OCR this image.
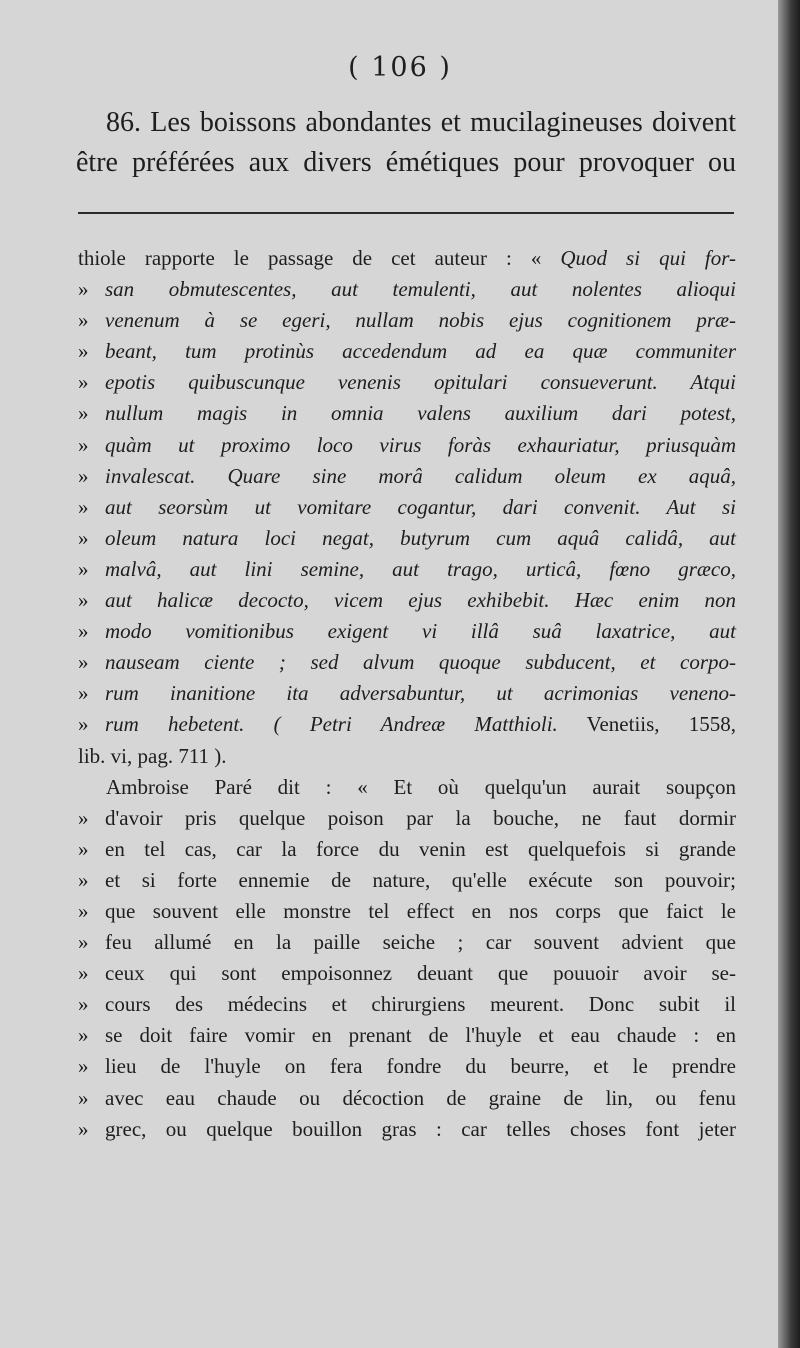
( 106 )
86. Les boissons abondantes et mucilagineuses doivent
être préférées aux divers émétiques pour provoquer ou
thiole rapporte le passage de cet auteur : « Quod si qui for-
» san obmutescentes, aut temulenti, aut nolentes alioqui
» venenum à se egeri, nullam nobis ejus cognitionem præ-
» beant, tum protinùs accedendum ad ea quæ communiter
» epotis quibuscunque venenis opitulari consueverunt. Atqui
» nullum magis in omnia valens auxilium dari potest,
» quàm ut proximo loco virus foràs exhauriatur, priusquàm
» invalescat. Quare sine morâ calidum oleum ex aquâ,
» aut seorsùm ut vomitare cogantur, dari convenit. Aut si
» oleum natura loci negat, butyrum cum aquâ calidâ, aut
» malvâ, aut lini semine, aut trago, urticâ, fœno græco,
» aut halicæ decocto, vicem ejus exhibebit. Hæc enim non
» modo vomitionibus exigent vi illâ suâ laxatrice, aut
» nauseam ciente ; sed alvum quoque subducent, et corpo-
» rum inanitione ita adversabuntur, ut acrimonias veneno-
» rum hebetent. ( Petri Andreæ Matthioli. Venetiis, 1558,
lib. vi, pag. 711 ).
Ambroise Paré dit : « Et où quelqu'un aurait soupçon
» d'avoir pris quelque poison par la bouche, ne faut dormir
» en tel cas, car la force du venin est quelquefois si grande
» et si forte ennemie de nature, qu'elle exécute son pouvoir;
» que souvent elle monstre tel effect en nos corps que faict le
» feu allumé en la paille seiche ; car souvent advient que
» ceux qui sont empoisonnez deuant que pouuoir avoir se-
» cours des médecins et chirurgiens meurent. Donc subit il
» se doit faire vomir en prenant de l'huyle et eau chaude : en
» lieu de l'huyle on fera fondre du beurre, et le prendre
» avec eau chaude ou décoction de graine de lin, ou fenu
» grec, ou quelque bouillon gras : car telles choses font jeter
